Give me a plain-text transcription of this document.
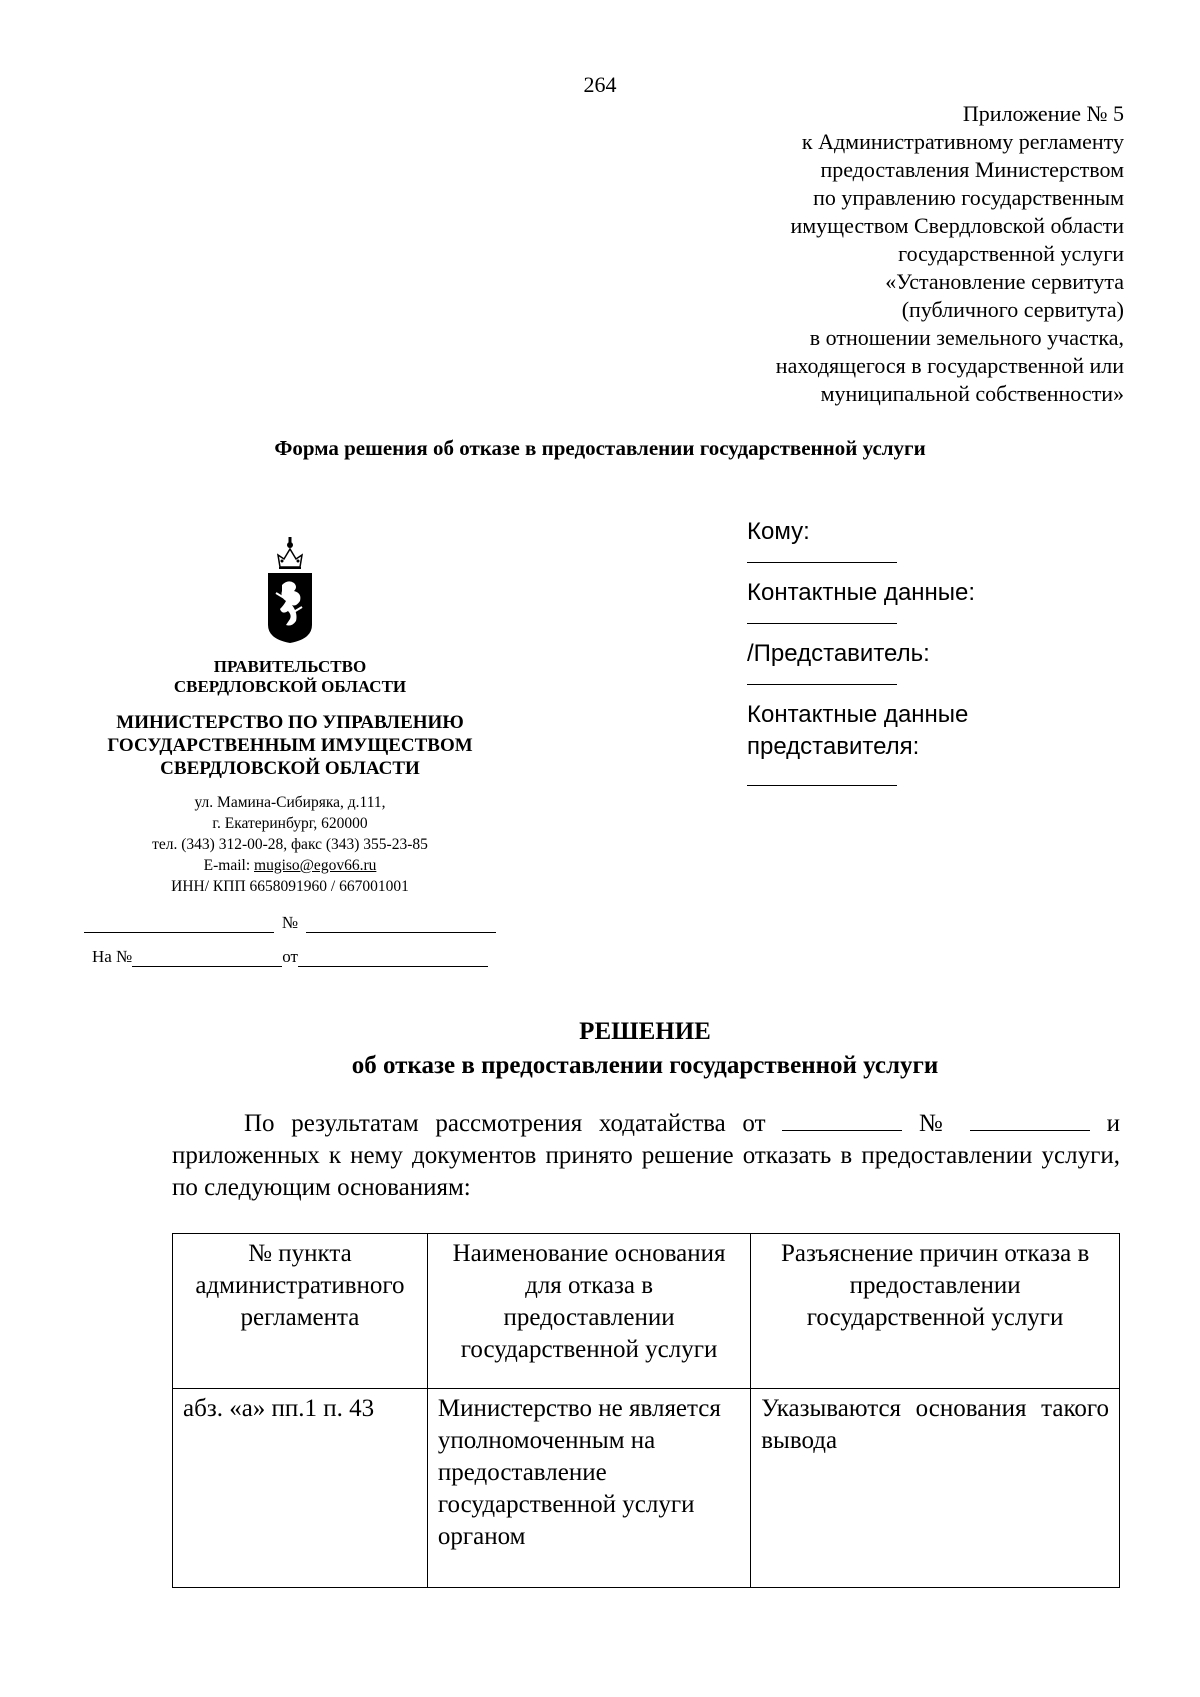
264
Приложение № 5
к Административному регламенту
предоставления Министерством
по управлению государственным
имуществом Свердловской области
государственной услуги
«Установление сервитута
(публичного сервитута)
в отношении земельного участка,
находящегося в государственной или
муниципальной собственности»
Форма решения об отказе в предоставлении государственной услуги
ПРАВИТЕЛЬСТВО
СВЕРДЛОВСКОЙ ОБЛАСТИ
МИНИСТЕРСТВО ПО УПРАВЛЕНИЮ
ГОСУДАРСТВЕННЫМ ИМУЩЕСТВОМ
СВЕРДЛОВСКОЙ ОБЛАСТИ
ул. Мамина-Сибиряка, д.111,
г. Екатеринбург, 620000
тел. (343) 312-00-28, факс (343) 355-23-85
E-mail: mugiso@egov66.ru
ИНН/ КПП 6658091960 / 667001001
№
На №	от
Кому:
Контактные данные:
/Представитель:
Контактные данные
представителя:
РЕШЕНИЕ
об отказе в предоставлении государственной услуги
По результатам рассмотрения ходатайства от	№	и приложенных к нему документов принято решение отказать в предоставлении услуги, по следующим основаниям:
№ пункта административного регламента	Наименование основания для отказа в предоставлении государственной услуги	Разъяснение причин отказа в предоставлении государственной услуги
абз. «а» пп.1 п. 43	Министерство не является уполномоченным на предоставление государственной услуги органом	Указываются основания такого вывода
